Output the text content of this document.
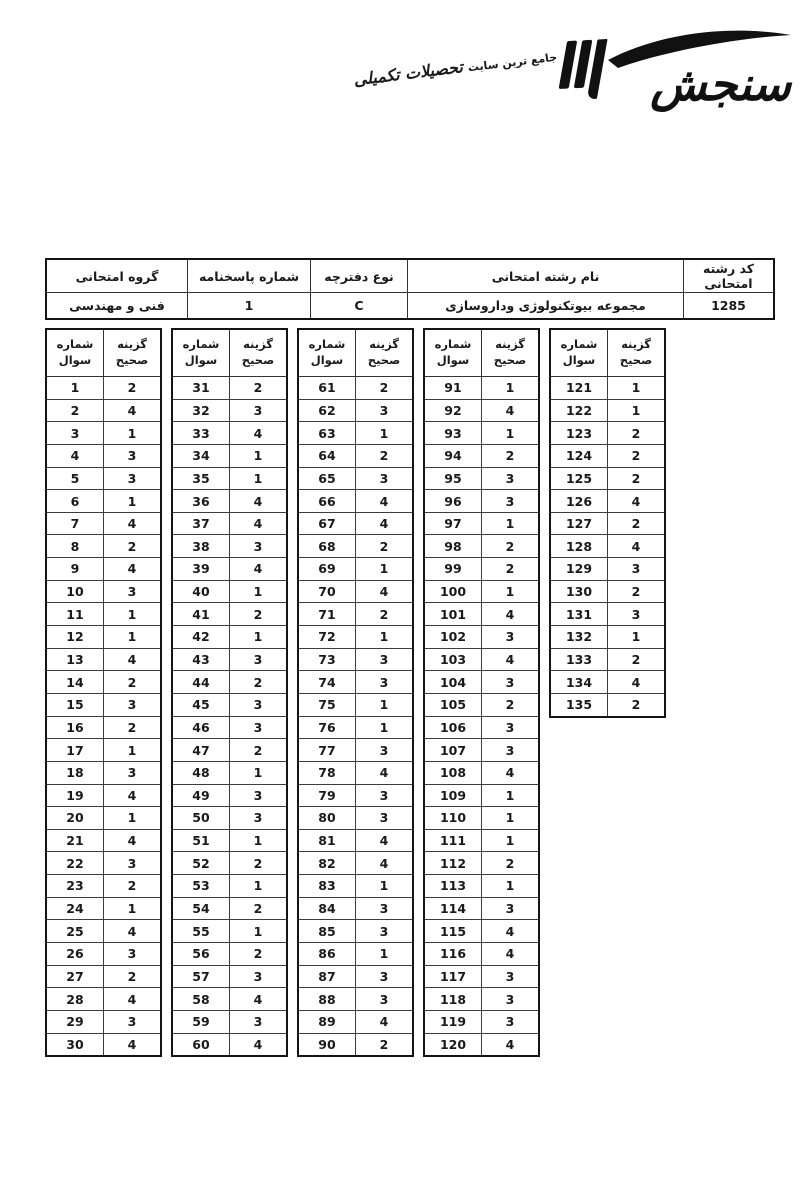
جامع ترین سایت تحصیلات تکمیلی	سنجش
گروه امتحانی	شماره پاسخنامه	نوع دفترچه	نام رشته امتحانی	کد رشته امتحانی
فنی و مهندسی	1	C	مجموعه بیوتکنولوژی وداروسازی	1285
شماره سوال	گزینه صحیح
1	2
2	4
3	1
4	3
5	3
6	1
7	4
8	2
9	4
10	3
11	1
12	1
13	4
14	2
15	3
16	2
17	1
18	3
19	4
20	1
21	4
22	3
23	2
24	1
25	4
26	3
27	2
28	4
29	3
30	4
شماره سوال	گزینه صحیح
31	2
32	3
33	4
34	1
35	1
36	4
37	4
38	3
39	4
40	1
41	2
42	1
43	3
44	2
45	3
46	3
47	2
48	1
49	3
50	3
51	1
52	2
53	1
54	2
55	1
56	2
57	3
58	4
59	3
60	4
شماره سوال	گزینه صحیح
61	2
62	3
63	1
64	2
65	3
66	4
67	4
68	2
69	1
70	4
71	2
72	1
73	3
74	3
75	1
76	1
77	3
78	4
79	3
80	3
81	4
82	4
83	1
84	3
85	3
86	1
87	3
88	3
89	4
90	2
شماره سوال	گزینه صحیح
91	1
92	4
93	1
94	2
95	3
96	3
97	1
98	2
99	2
100	1
101	4
102	3
103	4
104	3
105	2
106	3
107	3
108	4
109	1
110	1
111	1
112	2
113	1
114	3
115	4
116	4
117	3
118	3
119	3
120	4
شماره سوال	گزینه صحیح
121	1
122	1
123	2
124	2
125	2
126	4
127	2
128	4
129	3
130	2
131	3
132	1
133	2
134	4
135	2
